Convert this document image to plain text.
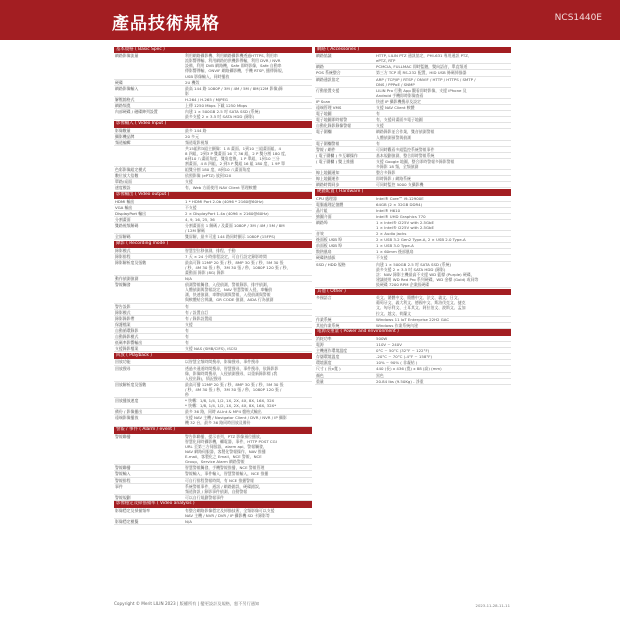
產品技術規格	NCS1440E
基本規格 ( Basic Spec )
網路影像流量	利用網路攝影機、利用網路攝影機透過HTTPS, 利用串
流影響傳輸、利用網路的供機影傳輸，利用 DVR / NVR
設備，利用 DVB 網路機，Safe 即時影像，Safe 自動串
傳影響傳輸，ONVIF 網路攝影機，手機 RTSP, 播傳錄規，
USB 影像輸入，同時播放
硬碟	2U 機殼
網路影像輸入	最高 144 路 1080P / 3M / 4M / 5M / 8M(12M 影像)錄
影
解壓縮格式	H.264 / H.265 / MJPEG
網路頻寬	上傳 1250 Mbps 下載 1250 Mbps
內部硬碟 / 磁碟陣列設置	內建 1 × 500GB 2.5 吋 SATA SSD (系統)
最多支援 2 × 3.5 吋 SATA HDD (錄影)
影像輸入 ( Video Input )
影像數量	最多 144 路
攝影機品牌	20 多元
頻道編輯	頻道電影視頻
共15組和3組主顯像：1 8 畫面、1到10 三組畫面組、4
8 四組，2到3 P 雙畫面 16 大 36 組，2 P 雙分割 180 度，
8到10 八畫面角度，雙角度換，1 P 單組，1到10 三分
割畫面，4 8 四組，2 到3 P 雙組 16 組 180 度，1 9P 單
色彩影像組定模式	組雙分割 180 度，8到10 八畫面角度
數位放大倍數	依照影像 (ePTZ) 放到32X
單路/桌面	支援
速度模設	有，Web 方面使用 NAV Client 管理軟體
影像輸出 ( Video output )
HDMI 輸出	1 * HDMI Port 2.0b (4096 * 2160@60Hz)
VGA 輸出	不支援
DisplayPort 輸出	2 × DisplayPort 1.4a (4096 × 2160@60Hz)
分割畫面	4, 9, 16, 25, 36
雙路視頻解碼	分割畫面出 1 解碼 / 及畫面 1080P / 3M / 4M / 5M / 8M
/ 12M 解碼
全屏解碼	雙屏解，最多可達 144 路同時顯示 1080P (15FPS)
錄影 ( Recording mode )
錄影模式	智慧型位移偵測，排程，手動
錄影排程	7 天 × 24 小時排程設定，可自行設定錄影時間
錄影解析度及張數	最高可錄 12MP 20 張 / 秒，8MP 30 張 / 秒，5M 30 張
/ 秒，4M 30 張 / 秒，3M 30 張 / 秒，1080P 120 張 / 秒，
畫動面 錄影 (8G) 錄影
動作偵測偵測	N/A
警報觸發	偵測警報觸發，入侵偵測，警報錄影，排序偵測，
人體偵測與警報設定，NAV 智慧警報入侵，車輛偵
測，快速偵測，車牌偵測與警報，入侵偵測與警報
與軟體結合辨識，GR CODE 偵測，AIDA 行為偵測
警告設影	有
錄影模式	有 / 設置自訂
錄影錄影帶	有 / 錄影設置組
保護檔案	支援
自動循環錄影	有
自動錄影模式	有
低碼率影響輸出	有
支援錄影檔案	支援 NAS (SMB/CIFS), iSCSI
回放 ( Playback )
回放功能	以智慧全頻時間搜尋，影像搜尋，事件搜尋
回放搜尋	透過多通道時間搜尋，智慧搜尋，事件搜尋，依錄影影
像，影像時間搜尋，入侵偵測搜尋，以重新錄影標 (我
入侵出錄)，情況搜尋
回放解析度及張數	最高可播 12MP 20 張 / 秒，8MP 30 張 / 秒，5M 30 張
/ 秒，4M 30 張 / 秒，3M 30 張 / 秒，1080P 120 張 /
秒
回放播放速度	* 快轉：1/8, 1/4, 1/2, 1X, 2X, 4X, 8X, 16X, 32X
* 快轉：1/8, 1/4, 1/2, 1X, 2X, 4X, 8X, 16X, 32X*
備份 / 影像播出	最多 36 路，同時 Al-Int & MP4 檔格式輸出
遠端影像播放	支援 NAV 主機 / Navigator Client / DVR / NVR / IP 攝影
機 32 台，最多 36 路同時回放及備份
警報 / 事件 ( Alarm / event )
警報聯播	警告影聯播，提示音列，PTZ 影像預位播放，
智慧化同時攝影機，繼電器，事件，HTTP POST CGI
URL 至第三方伺服器，alarm api，警報觸發，
NAV 網路伺服器，客製化警報操作，NAV 推播
E-mail，客製化之 Email，NCE 警報，NCE
Group，Service Alarm 網路警報
警報聯播	智慧警報觸發，手機警報推播，NCE 警報管理
警報輸入	警報輸入，事件輸入，智慧警報輸入，NCE 推播
警報排程	可自行排程警報時間，有 NCE 推播警報
事件	系統警報事件，通訊 / 網路錯誤，硬碟錯誤，
頻道資訊 / 錄影事件偵測，自動警報
警報規劃	可以自行規劃警報事件
影像穩定及掃描頻率 ( Video analysis )
影像穩定及掃描頻率	有整合網路影像穩定及掃描技術，全頻影像可以支援
NAV 主機 / NVR / DVR / IP 攝影機 SD 卡錄影等
影像穩定模擬	N/A
網路 ( Accessories )
網路協議	HTTP, LILIN PTZ 通訊協定，PHI-631 專用通訊 PTZ,
ePTZ, RTP
網路	PCMCIA, FULLMAC 即時監聽，雙向語音，單直頻道
POS 系統整合	第三方 TCP 或 RS-232 配置，HID USB 條碼掃描器
網路通訊協定	ARP / TCP/IP / RTSP / ONVIF / HTTP / HTTPS / SMTP /
DNS / PPPoE / SNMP
行動裝置支援	LILIN Pro 行動 App 觀看即時影像，支援 iPhone 及
Android 手機即時影像查看
IP Scan	快速 IP 攝影機搜尋及設定
遠端管理 VMS	支援 NAV Client 軟體
電子地圖	有
電子地圖即時報警	有，支援同畫面多電子地圖
自動化錄影錄像警報	支援
電子圍欄	網路錄影並合作業，雙音偵測警報
人體偵測預警與偵測
電子圍欄警報	有
警報 / 網件	可同時觀看多組監控系統警報事件
( 電子圍欄 ) 多互聯操作	基本規劃偵測，整合即時警報系統
( 電子圍欄 ) 雙上推播	支援 Google 地圖，整合即時警報多錄影警報
多錄影 18 頻，全頻偵測
線上地圖通知	整合多錄影
線上地圖運作	即時錄影 / 網路系統
網路時間同步	可同時監控 5000 支攝影機
硬體配置 ( Hardware )
CPU 處理器	Intel® Core™ i9-12900E
電腦處理記憶體	64GB (2 × 32GB DDR4)
晶片組	Intel® H610
繪圖介面	Intel® UHD Graphics 770
網路埠	1 × Intel® i225V with 2.5GbE
1 × Intel® i225V with 2.5GbE
音效	2 × Audio Jacks
後面板 USB 埠	2 × USB 3.2 Gen2 Type-A, 2 × USB 2.0 Type-A
前面板 USB 埠	1 × USB 3.0 Type-A
散熱風扇	1 × 60mm 後部風扇
硬碟熱插拔	不支援
SSD / HDD 規格	內建 1 × 500GB 2.5 吋 SATA SSD (系統)
最多支援 2 × 3.5 吋 SATA HDD (錄影)
註：NAV 錄影主機最高不支援 WD 藍標 (Purple) 硬碟，
建議使用 WD Red Pro 系列硬碟，WD 金標 (Gold) 或同等
級硬碟 7200 RPM 企業級硬碟
其他 ( Other )
多國語言	英文、繁體中文、簡體中文、法文、義文、日文、
葡萄牙文、義大利文、德國中文、斯洛伐克文、捷克
文、匈牙利文、土耳其文、阿拉伯文、波斯文、孟加
拉文、越文、荷蘭文
作業系統	Windows 11 IoT Enterprise 22H2 GAC
其他作業系統	Windows 作業系統內建
電源及重量 ( Power and environment )
消耗功率	500W
電源	110V ~ 240V
主機運作環境溫度	0°C ~ 50°C (32°F ~ 122°F)
存儲環境溫度	-20°C ~ 70°C (-4°F ~ 158°F)
環境濕度	10% ~ 90% ( 非凝結 )
尺寸 ( 長x寬 )	440 (長) x 436 (寬) x 88 (高) (mm)
顏色	黑色
重量	20.84 lbs (9.50Kg) - 淨重
Copyright © Merit LILIN 2023 | 版權所有 | 變更設計及規格，恕不另行通知	2023-11-28-11-11
